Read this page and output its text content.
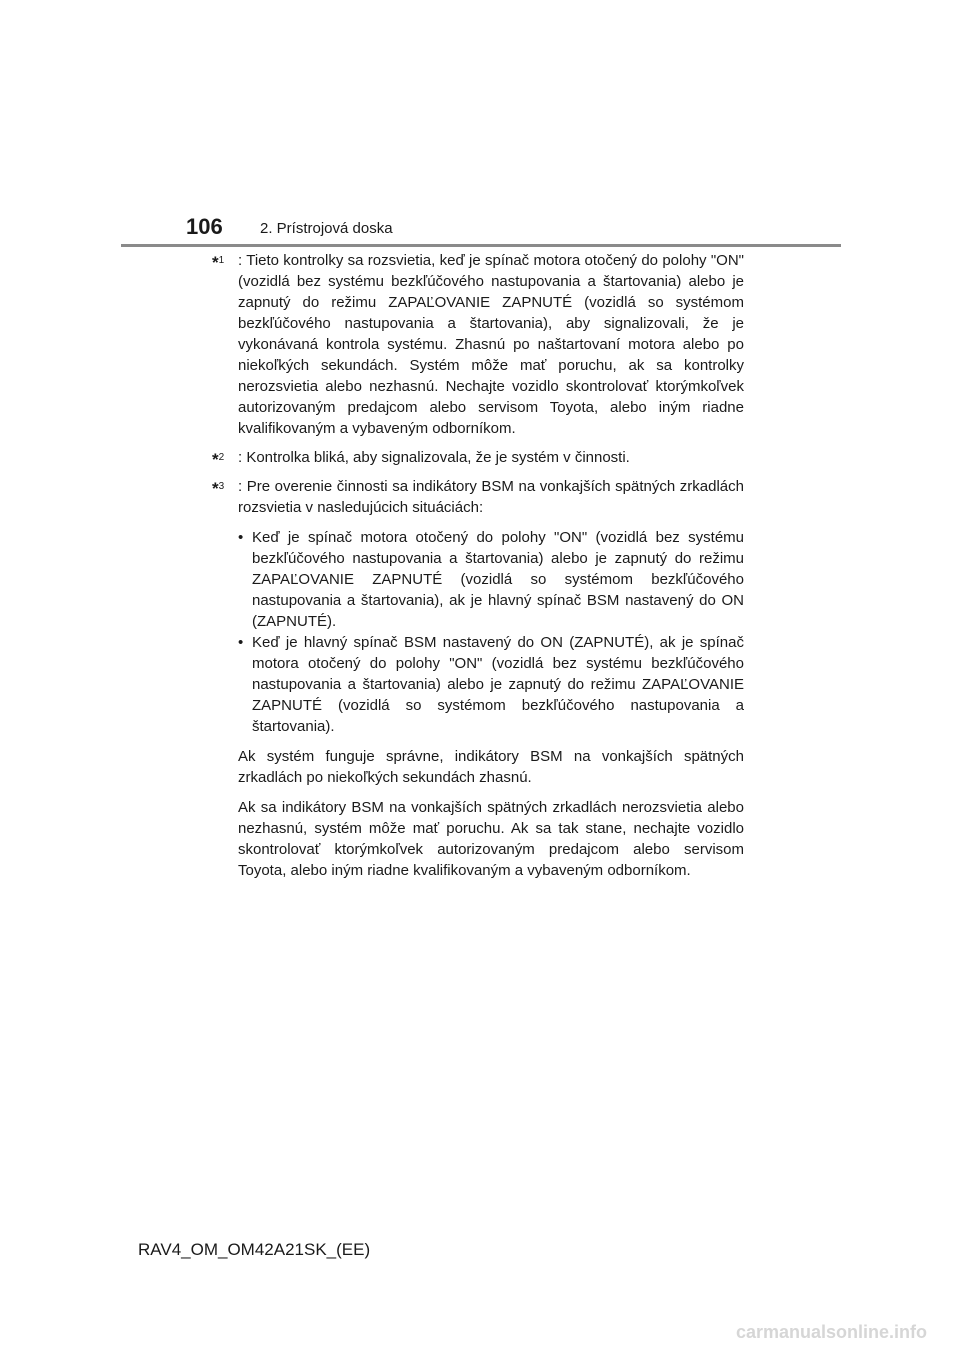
106 2. Prístrojová doska
*$^1$ : Tieto kontrolky sa rozsvietia, keď je spínač motora otočený do polohy "ON" (vozidlá bez systému bezkľúčového nastupovania a štartovania) alebo je zapnutý do režimu ZAPAĽOVANIE ZAPNUTÉ (vozidlá so systémom bezkľúčového nastupovania a štartovania), aby signalizovali, že je vykonávaná kontrola systému. Zhasnú po naštartovaní motora alebo po niekoľkých sekundách. Systém môže mať poruchu, ak sa kontrolky nerozsvietia alebo nezhasnú. Nechajte vozidlo skontrolovať ktorýmkoľvek autorizovaným predajcom alebo servisom Toyota, alebo iným riadne kvalifikovaným a vybaveným odborníkom.

*$^2$ : Kontrolka bliká, aby signalizovala, že je systém v činnosti.

*$^3$ : Pre overenie činnosti sa indikátory BSM na vonkajších spätných zrkadlách rozsvietia v nasledujúcich situáciách:

• Keď je spínač motora otočený do polohy "ON" (vozidlá bez systému bezkľúčového nastupovania a štartovania) alebo je zapnutý do režimu ZAPAĽOVANIE ZAPNUTÉ (vozidlá so systémom bezkľúčového nastupovania a štartovania), ak je hlavný spínač BSM nastavený do ON (ZAPNUTÉ).
• Keď je hlavný spínač BSM nastavený do ON (ZAPNUTÉ), ak je spínač motora otočený do polohy "ON" (vozidlá bez systému bezkľúčového nastupovania a štartovania) alebo je zapnutý do režimu ZAPAĽOVANIE ZAPNUTÉ (vozidlá so systémom bezkľúčového nastupovania a štartovania).

Ak systém funguje správne, indikátory BSM na vonkajších spätných zrkadlách po niekoľkých sekundách zhasnú.

Ak sa indikátory BSM na vonkajších spätných zrkadlách nerozsvietia alebo nezhasnú, systém môže mať poruchu. Ak sa tak stane, nechajte vozidlo skontrolovať ktorýmkoľvek autorizovaným predajcom alebo servisom Toyota, alebo iným riadne kvalifikovaným a vybaveným odborníkom.

RAV4_OM_OM42A21SK_(EE)
carmanualsonline.info
